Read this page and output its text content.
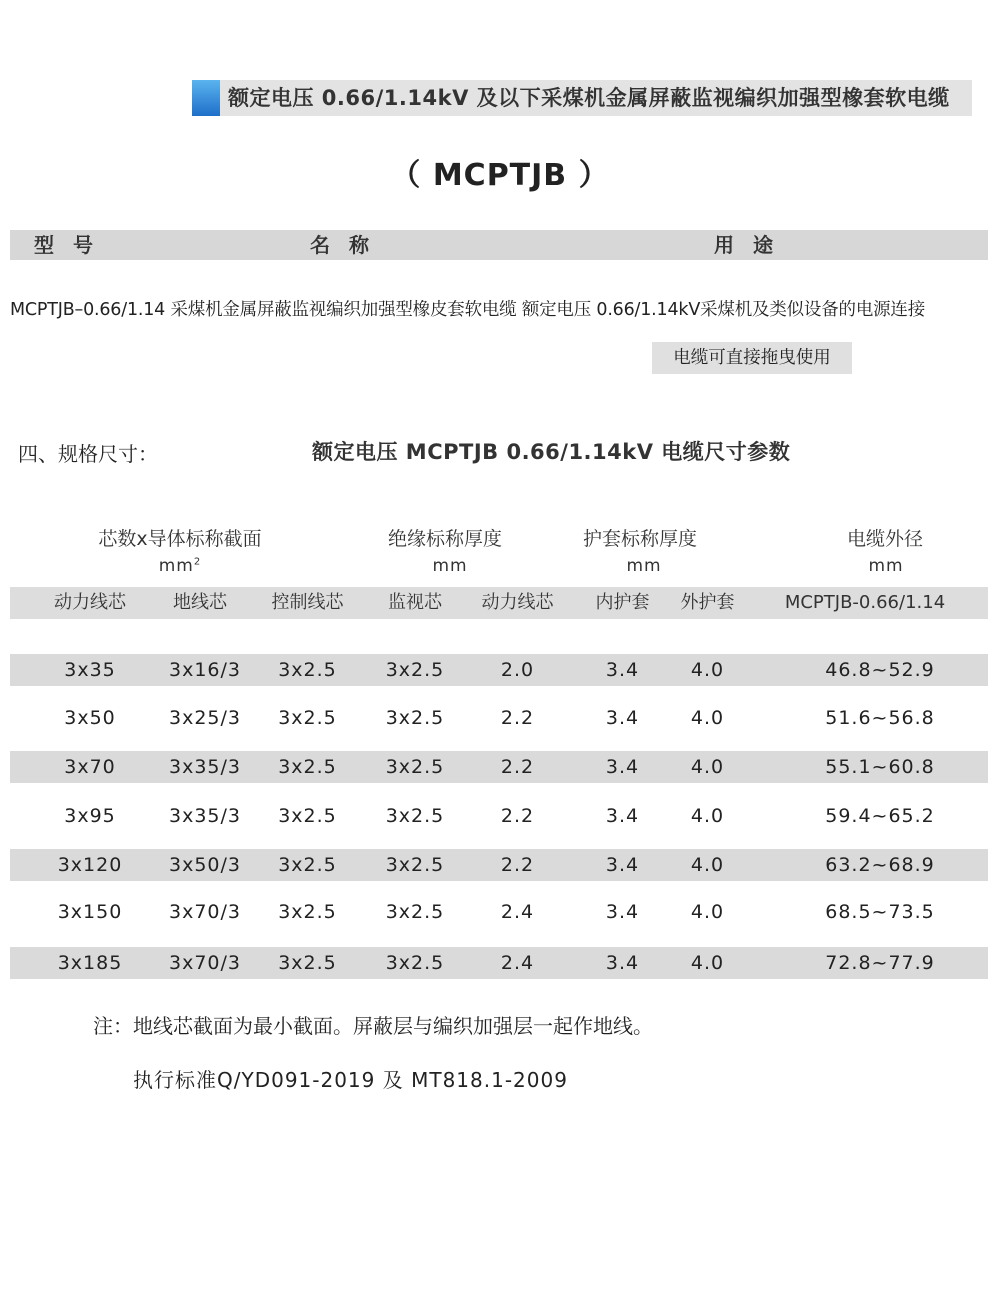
额定电压 0.66/1.14kV 及以下采煤机金属屏蔽监视编织加强型橡套软电缆
（ MCPTJB ）
型 号	名 称	用 途
MCPTJB–0.66/1.14 采煤机金属屏蔽监视编织加强型橡皮套软电缆 额定电压 0.66/1.14kV采煤机及类似设备的电源连接
电缆可直接拖曳使用
四、规格尺寸：	额定电压 MCPTJB 0.66/1.14kV 电缆尺寸参数
芯数x导体标称截面
$mm^2$
绝缘标称厚度
mm
护套标称厚度
mm
电缆外径
mm
动力线芯	地线芯	控制线芯	监视芯	动力线芯	内护套	外护套	MCPTJB-0.66/1.14
3x35	3x16/3	3x2.5	3x2.5	2.0	3.4	4.0	46.8~52.9
3x50	3x25/3	3x2.5	3x2.5	2.2	3.4	4.0	51.6~56.8
3x70	3x35/3	3x2.5	3x2.5	2.2	3.4	4.0	55.1~60.8
3x95	3x35/3	3x2.5	3x2.5	2.2	3.4	4.0	59.4~65.2
3x120	3x50/3	3x2.5	3x2.5	2.2	3.4	4.0	63.2~68.9
3x150	3x70/3	3x2.5	3x2.5	2.4	3.4	4.0	68.5~73.5
3x185	3x70/3	3x2.5	3x2.5	2.4	3.4	4.0	72.8~77.9
注：地线芯截面为最小截面。屏蔽层与编织加强层一起作地线。
执行标准Q/YD091-2019 及 MT818.1-2009
